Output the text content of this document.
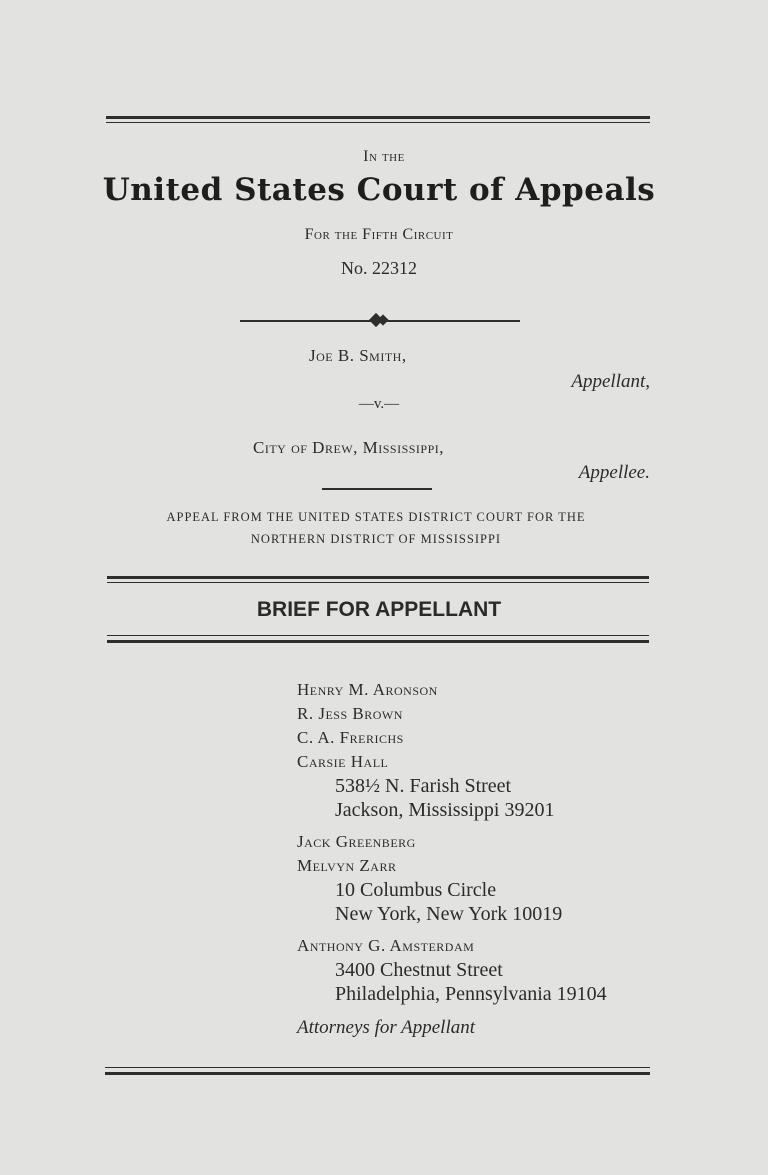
In the
United States Court of Appeals
For the Fifth Circuit
No. 22312
Joe B. Smith,
Appellant,
—v.—
City of Drew, Mississippi,
Appellee.
APPEAL FROM THE UNITED STATES DISTRICT COURT FOR THE
NORTHERN DISTRICT OF MISSISSIPPI
BRIEF FOR APPELLANT
Henry M. Aronson
R. Jess Brown
C. A. Frerichs
Carsie Hall
538½ N. Farish Street
Jackson, Mississippi 39201
Jack Greenberg
Melvyn Zarr
10 Columbus Circle
New York, New York 10019
Anthony G. Amsterdam
3400 Chestnut Street
Philadelphia, Pennsylvania 19104
Attorneys for Appellant
